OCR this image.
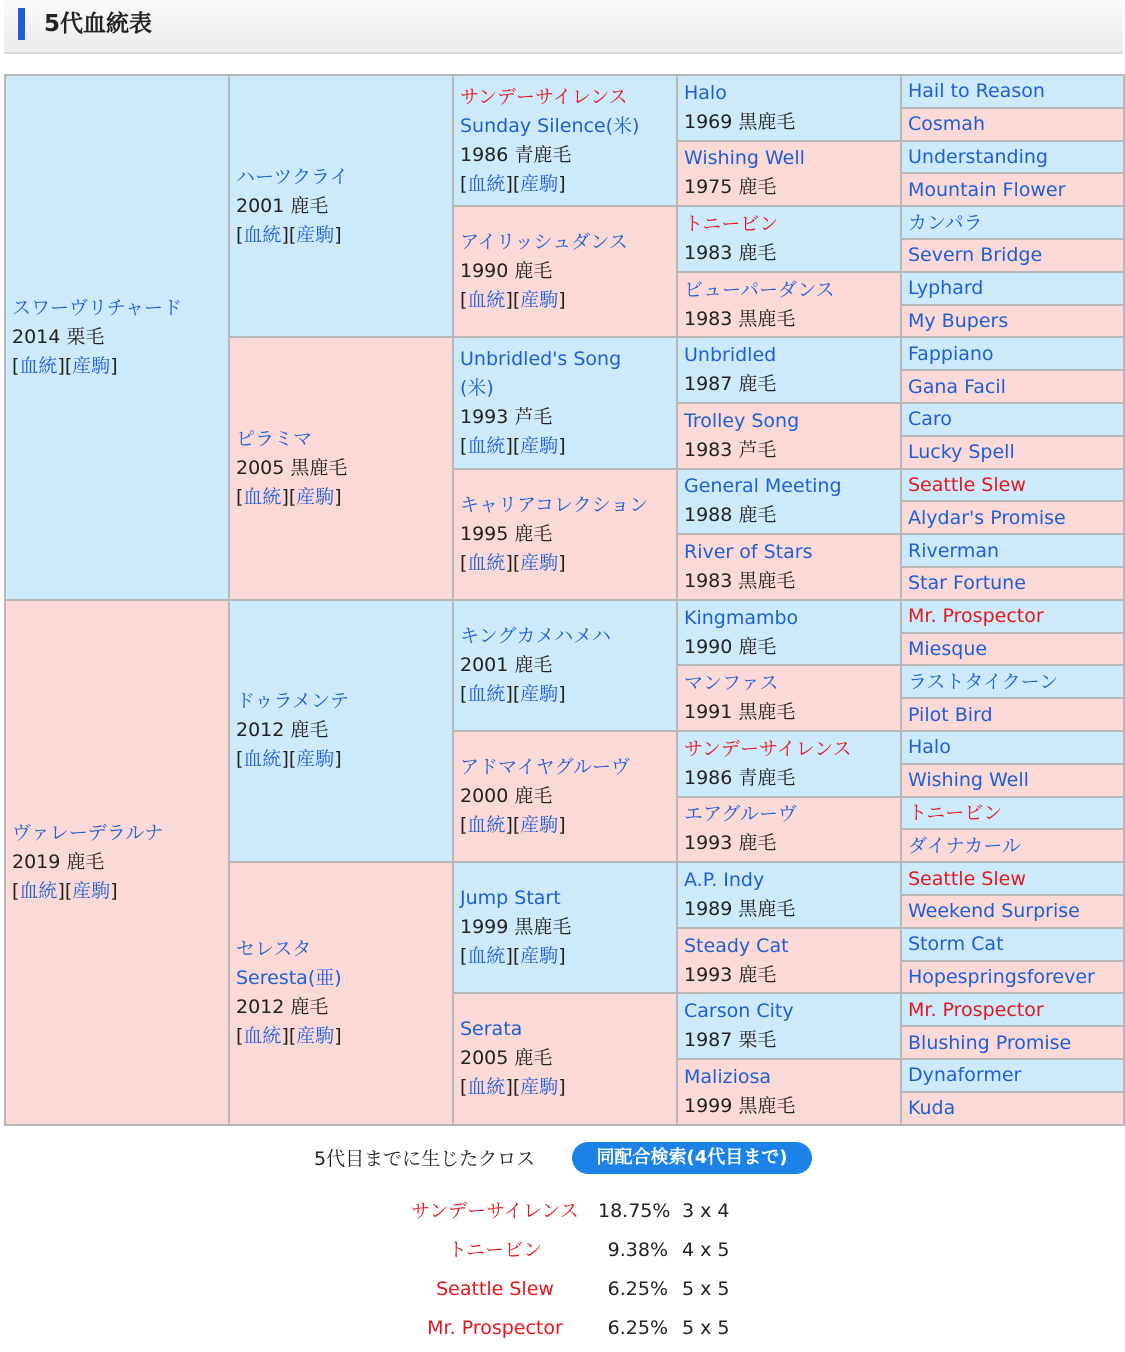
5代血統表
スワーヴリチャード
2014 栗毛
[血統][産駒]	ハーツクライ
2001 鹿毛
[血統][産駒]	サンデーサイレンス
Sunday Silence(米)
1986 青鹿毛
[血統][産駒]	Halo
1969 黒鹿毛	Hail to Reason

				Cosmah

			Wishing Well
1975 鹿毛	Understanding

				Mountain Flower

		アイリッシュダンス
1990 鹿毛
[血統][産駒]	トニービン
1983 鹿毛	カンパラ

				Severn Bridge

			ビューパーダンス
1983 黒鹿毛	Lyphard

				My Bupers

	ピラミマ
2005 黒鹿毛
[血統][産駒]	Unbridled's Song
(米)
1993 芦毛
[血統][産駒]	Unbridled
1987 鹿毛	Fappiano

				Gana Facil

			Trolley Song
1983 芦毛	Caro

				Lucky Spell

		キャリアコレクション
1995 鹿毛
[血統][産駒]	General Meeting
1988 鹿毛	Seattle Slew

				Alydar's Promise

			River of Stars
1983 黒鹿毛	Riverman

				Star Fortune

ヴァレーデラルナ
2019 鹿毛
[血統][産駒]	ドゥラメンテ
2012 鹿毛
[血統][産駒]	キングカメハメハ
2001 鹿毛
[血統][産駒]	Kingmambo
1990 鹿毛	Mr. Prospector

				Miesque

			マンファス
1991 黒鹿毛	ラストタイクーン

				Pilot Bird

		アドマイヤグルーヴ
2000 鹿毛
[血統][産駒]	サンデーサイレンス
1986 青鹿毛	Halo

				Wishing Well

			エアグルーヴ
1993 鹿毛	トニービン

				ダイナカール

	セレスタ
Seresta(亜)
2012 鹿毛
[血統][産駒]	Jump Start
1999 黒鹿毛
[血統][産駒]	A.P. Indy
1989 黒鹿毛	Seattle Slew

				Weekend Surprise

			Steady Cat
1993 鹿毛	Storm Cat

				Hopespringsforever

		Serata
2005 鹿毛
[血統][産駒]	Carson City
1987 栗毛	Mr. Prospector

				Blushing Promise

			Maliziosa
1999 黒鹿毛	Dynaformer

				Kuda
5代目までに生じたクロス	同配合検索(4代目まで)
サンデーサイレンス	18.75% 3 x 4
トニービン	9.38% 4 x 5
Seattle Slew	6.25% 5 x 5
Mr. Prospector	6.25% 5 x 5
